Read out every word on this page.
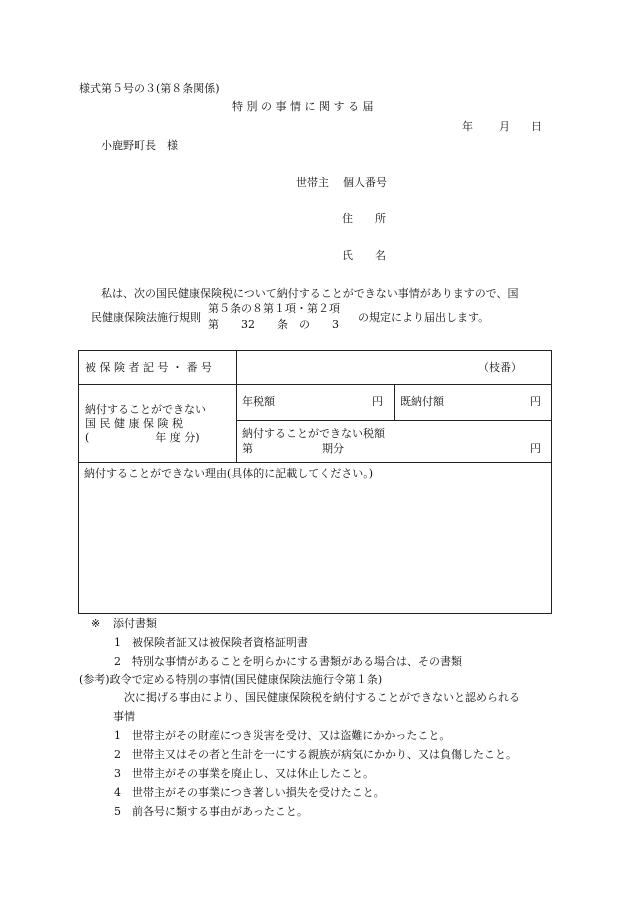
様式第５号の３(第８条関係)
特 別 の 事 情 に 関 す る 届
年 月 日
小鹿野町長　様
世帯主 個人番号
住　　所
氏　　名
私は、次の国民健康保険税について納付することができない事情がありますので、国
民健康保険法施行規則
第５条の８第１項・第２項
第　　32　　条　の　　3
の規定により届出します。
被 保 険 者 記 号 ・ 番 号	（枝番）
納付することができない
国 民 健 康 保 険 税
(　　　　　　年 度 分)
年税額	円 既納付額	円
納付することができない税額
第	期分	円
納付することができない理由(具体的に記載してください。)
※ 添付書類
1　被保険者証又は被保険者資格証明書
2　特別な事情があることを明らかにする書類がある場合は、その書類
(参考)政令で定める特別の事情(国民健康保険法施行令第１条)
次に掲げる事由により、国民健康保険税を納付することができないと認められる
事情
1　世帯主がその財産につき災害を受け、又は盗難にかかったこと。
2　世帯主又はその者と生計を一にする親族が病気にかかり、又は負傷したこと。
3　世帯主がその事業を廃止し、又は休止したこと。
4　世帯主がその事業につき著しい損失を受けたこと。
5　前各号に類する事由があったこと。
